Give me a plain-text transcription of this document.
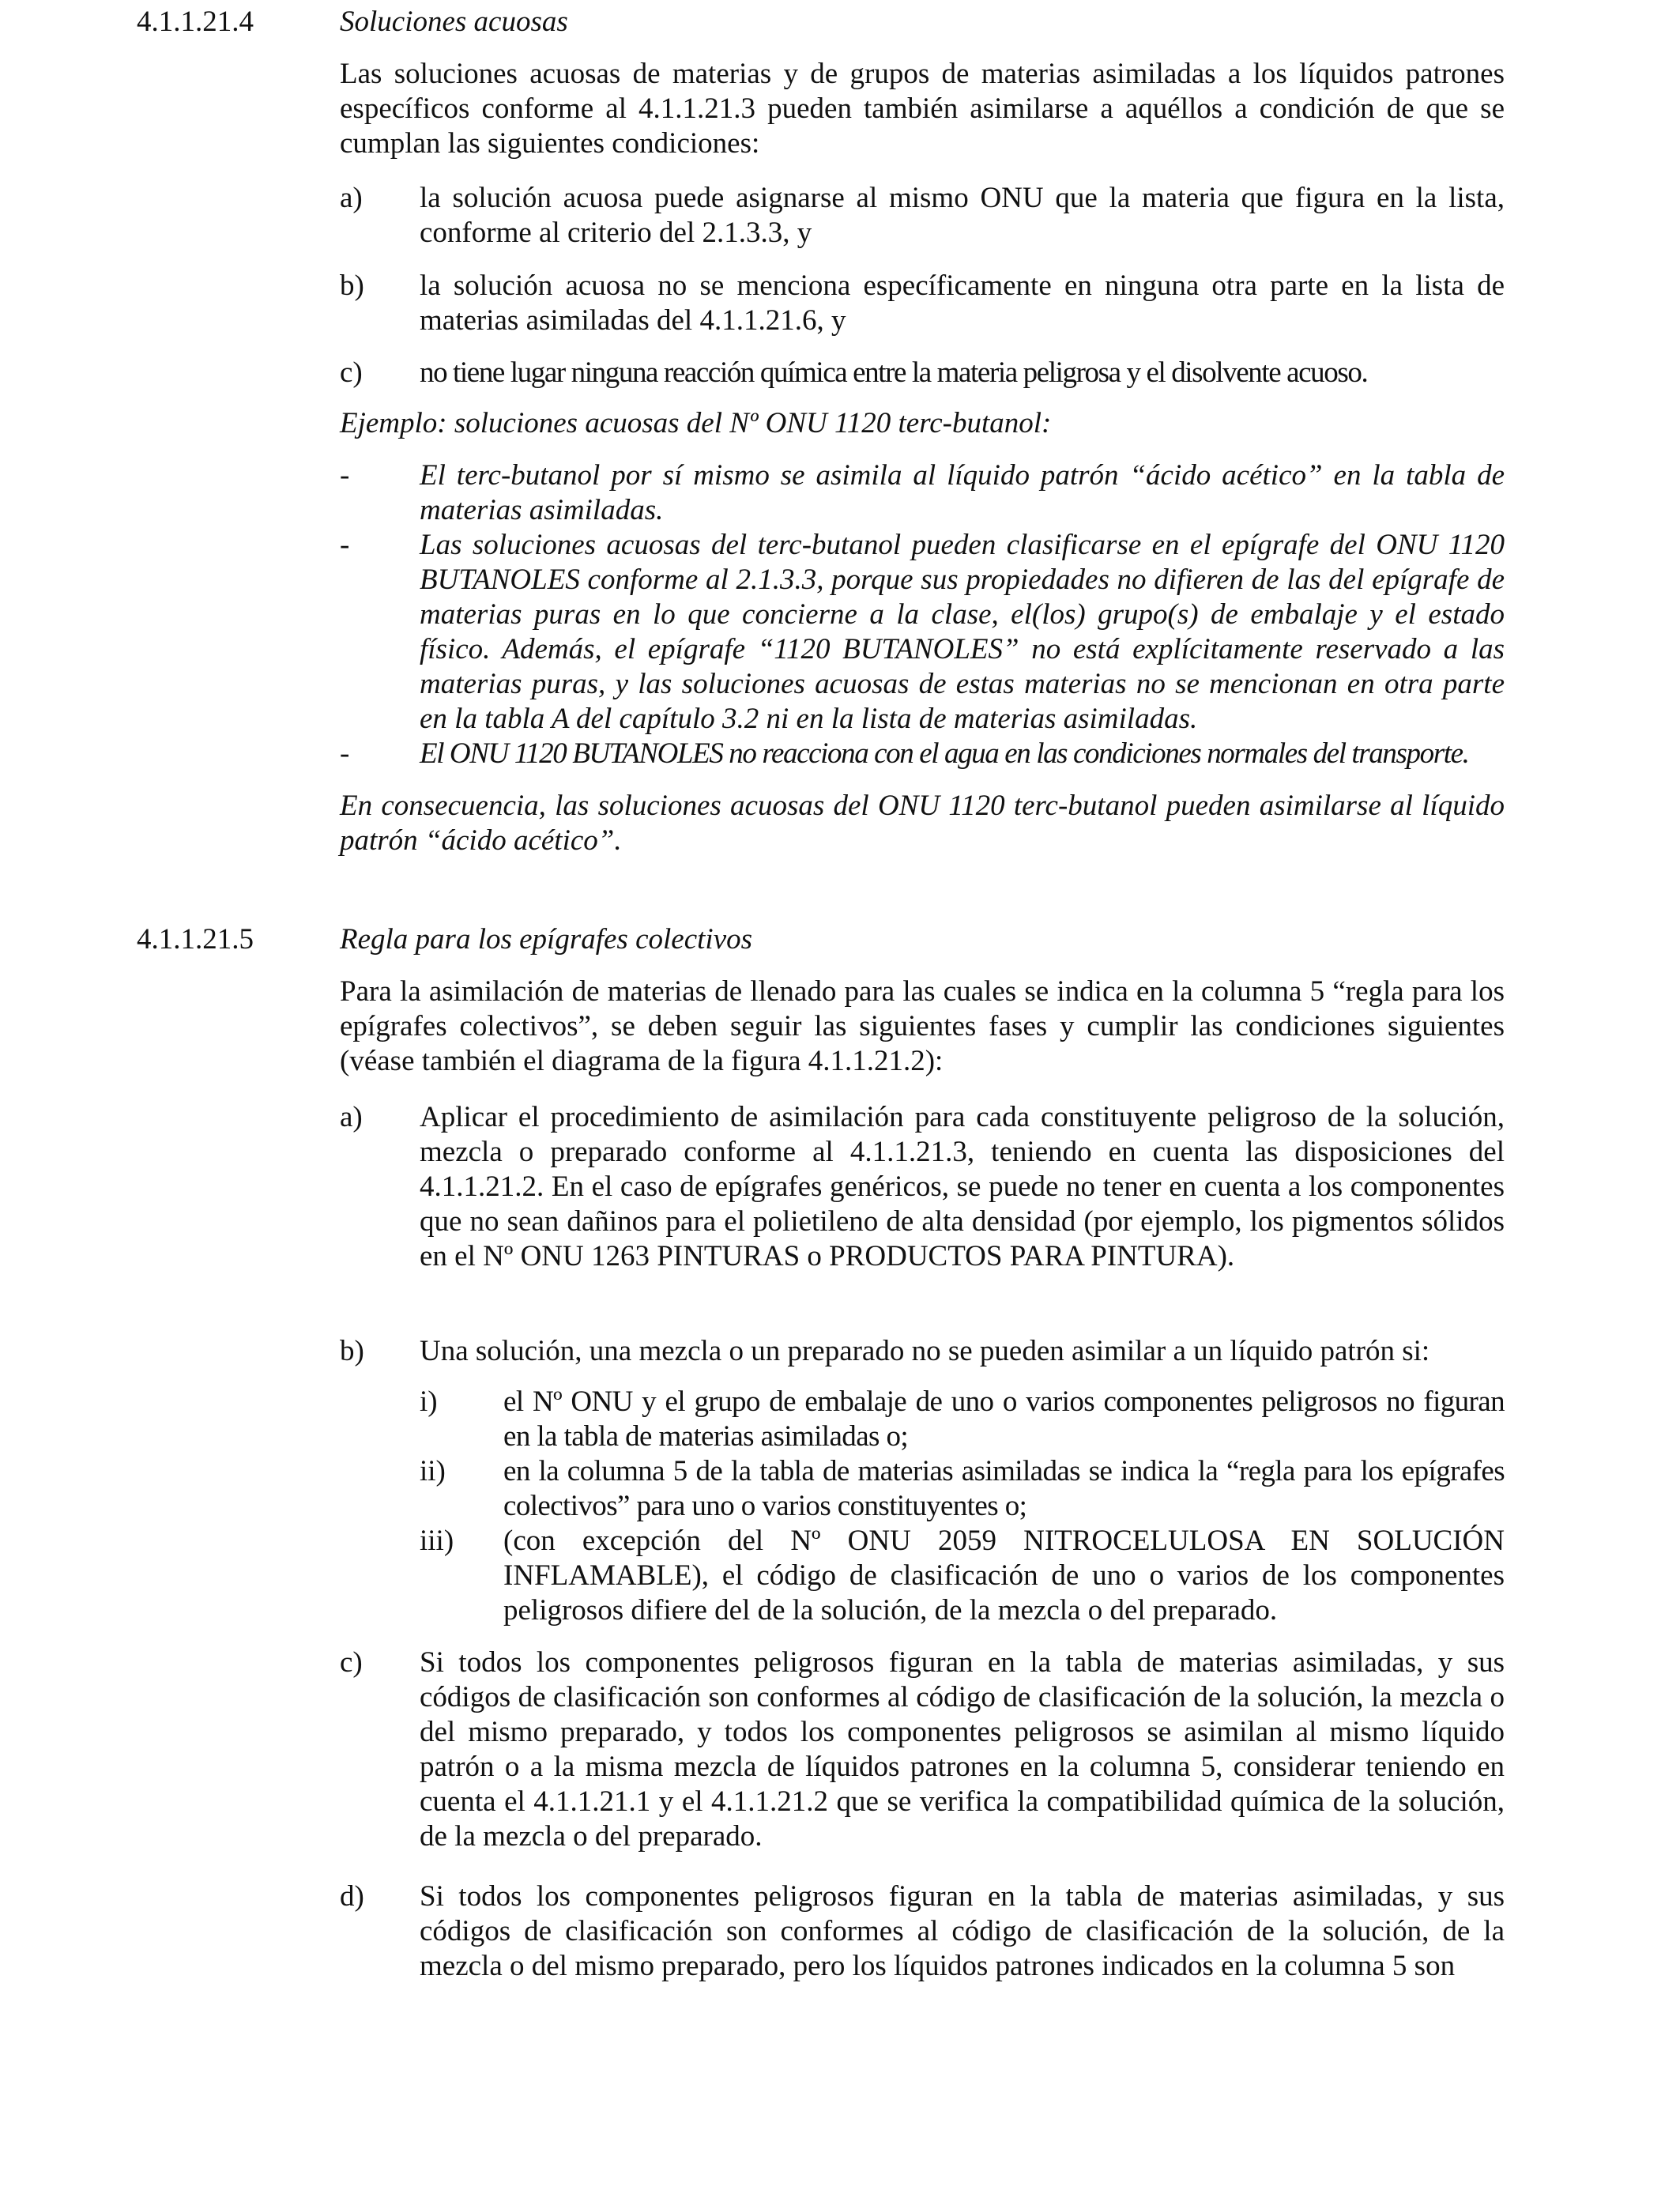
4.1.1.21.4	Soluciones acuosas
Las soluciones acuosas de materias y de grupos de materias asimiladas a los líquidos patrones específicos conforme al 4.1.1.21.3 pueden también asimilarse a aquéllos a condición de que se cumplan las siguientes condiciones:
a) la solución acuosa puede asignarse al mismo ONU que la materia que figura en la lista, conforme al criterio del 2.1.3.3, y
b) la solución acuosa no se menciona específicamente en ninguna otra parte en la lista de materias asimiladas del 4.1.1.21.6, y
c) no tiene lugar ninguna reacción química entre la materia peligrosa y el disolvente acuoso.
Ejemplo: soluciones acuosas del Nº ONU 1120 terc-butanol:
- El terc-butanol por sí mismo se asimila al líquido patrón “ácido acético” en la tabla de materias asimiladas.
- Las soluciones acuosas del terc-butanol pueden clasificarse en el epígrafe del ONU 1120 BUTANOLES conforme al 2.1.3.3, porque sus propiedades no difieren de las del epígrafe de materias puras en lo que concierne a la clase, el(los) grupo(s) de embalaje y el estado físico. Además, el epígrafe “1120 BUTANOLES” no está explícitamente reservado a las materias puras, y las soluciones acuosas de estas materias no se mencionan en otra parte en la tabla A del capítulo 3.2 ni en la lista de materias asimiladas.
- El ONU 1120 BUTANOLES no reacciona con el agua en las condiciones normales del transporte.
En consecuencia, las soluciones acuosas del ONU 1120 terc-butanol pueden asimilarse al líquido patrón “ácido acético”.
4.1.1.21.5	Regla para los epígrafes colectivos
Para la asimilación de materias de llenado para las cuales se indica en la columna 5 “regla para los epígrafes colectivos”, se deben seguir las siguientes fases y cumplir las condiciones siguientes (véase también el diagrama de la figura 4.1.1.21.2):
a) Aplicar el procedimiento de asimilación para cada constituyente peligroso de la solución, mezcla o preparado conforme al 4.1.1.21.3, teniendo en cuenta las disposiciones del 4.1.1.21.2. En el caso de epígrafes genéricos, se puede no tener en cuenta a los componentes que no sean dañinos para el polietileno de alta densidad (por ejemplo, los pigmentos sólidos en el Nº ONU 1263 PINTURAS o PRODUCTOS PARA PINTURA).
b) Una solución, una mezcla o un preparado no se pueden asimilar a un líquido patrón si:
i) el Nº ONU y el grupo de embalaje de uno o varios componentes peligrosos no figuran en la tabla de materias asimiladas o;
ii) en la columna 5 de la tabla de materias asimiladas se indica la “regla para los epígrafes colectivos” para uno o varios constituyentes o;
iii) (con excepción del Nº ONU 2059 NITROCELULOSA EN SOLUCIÓN INFLAMABLE), el código de clasificación de uno o varios de los componentes peligrosos difiere del de la solución, de la mezcla o del preparado.
c) Si todos los componentes peligrosos figuran en la tabla de materias asimiladas, y sus códigos de clasificación son conformes al código de clasificación de la solución, la mezcla o del mismo preparado, y todos los componentes peligrosos se asimilan al mismo líquido patrón o a la misma mezcla de líquidos patrones en la columna 5, considerar teniendo en cuenta el 4.1.1.21.1 y el 4.1.1.21.2 que se verifica la compatibilidad química de la solución, de la mezcla o del preparado.
d) Si todos los componentes peligrosos figuran en la tabla de materias asimiladas, y sus códigos de clasificación son conformes al código de clasificación de la solución, de la mezcla o del mismo preparado, pero los líquidos patrones indicados en la columna 5 son
